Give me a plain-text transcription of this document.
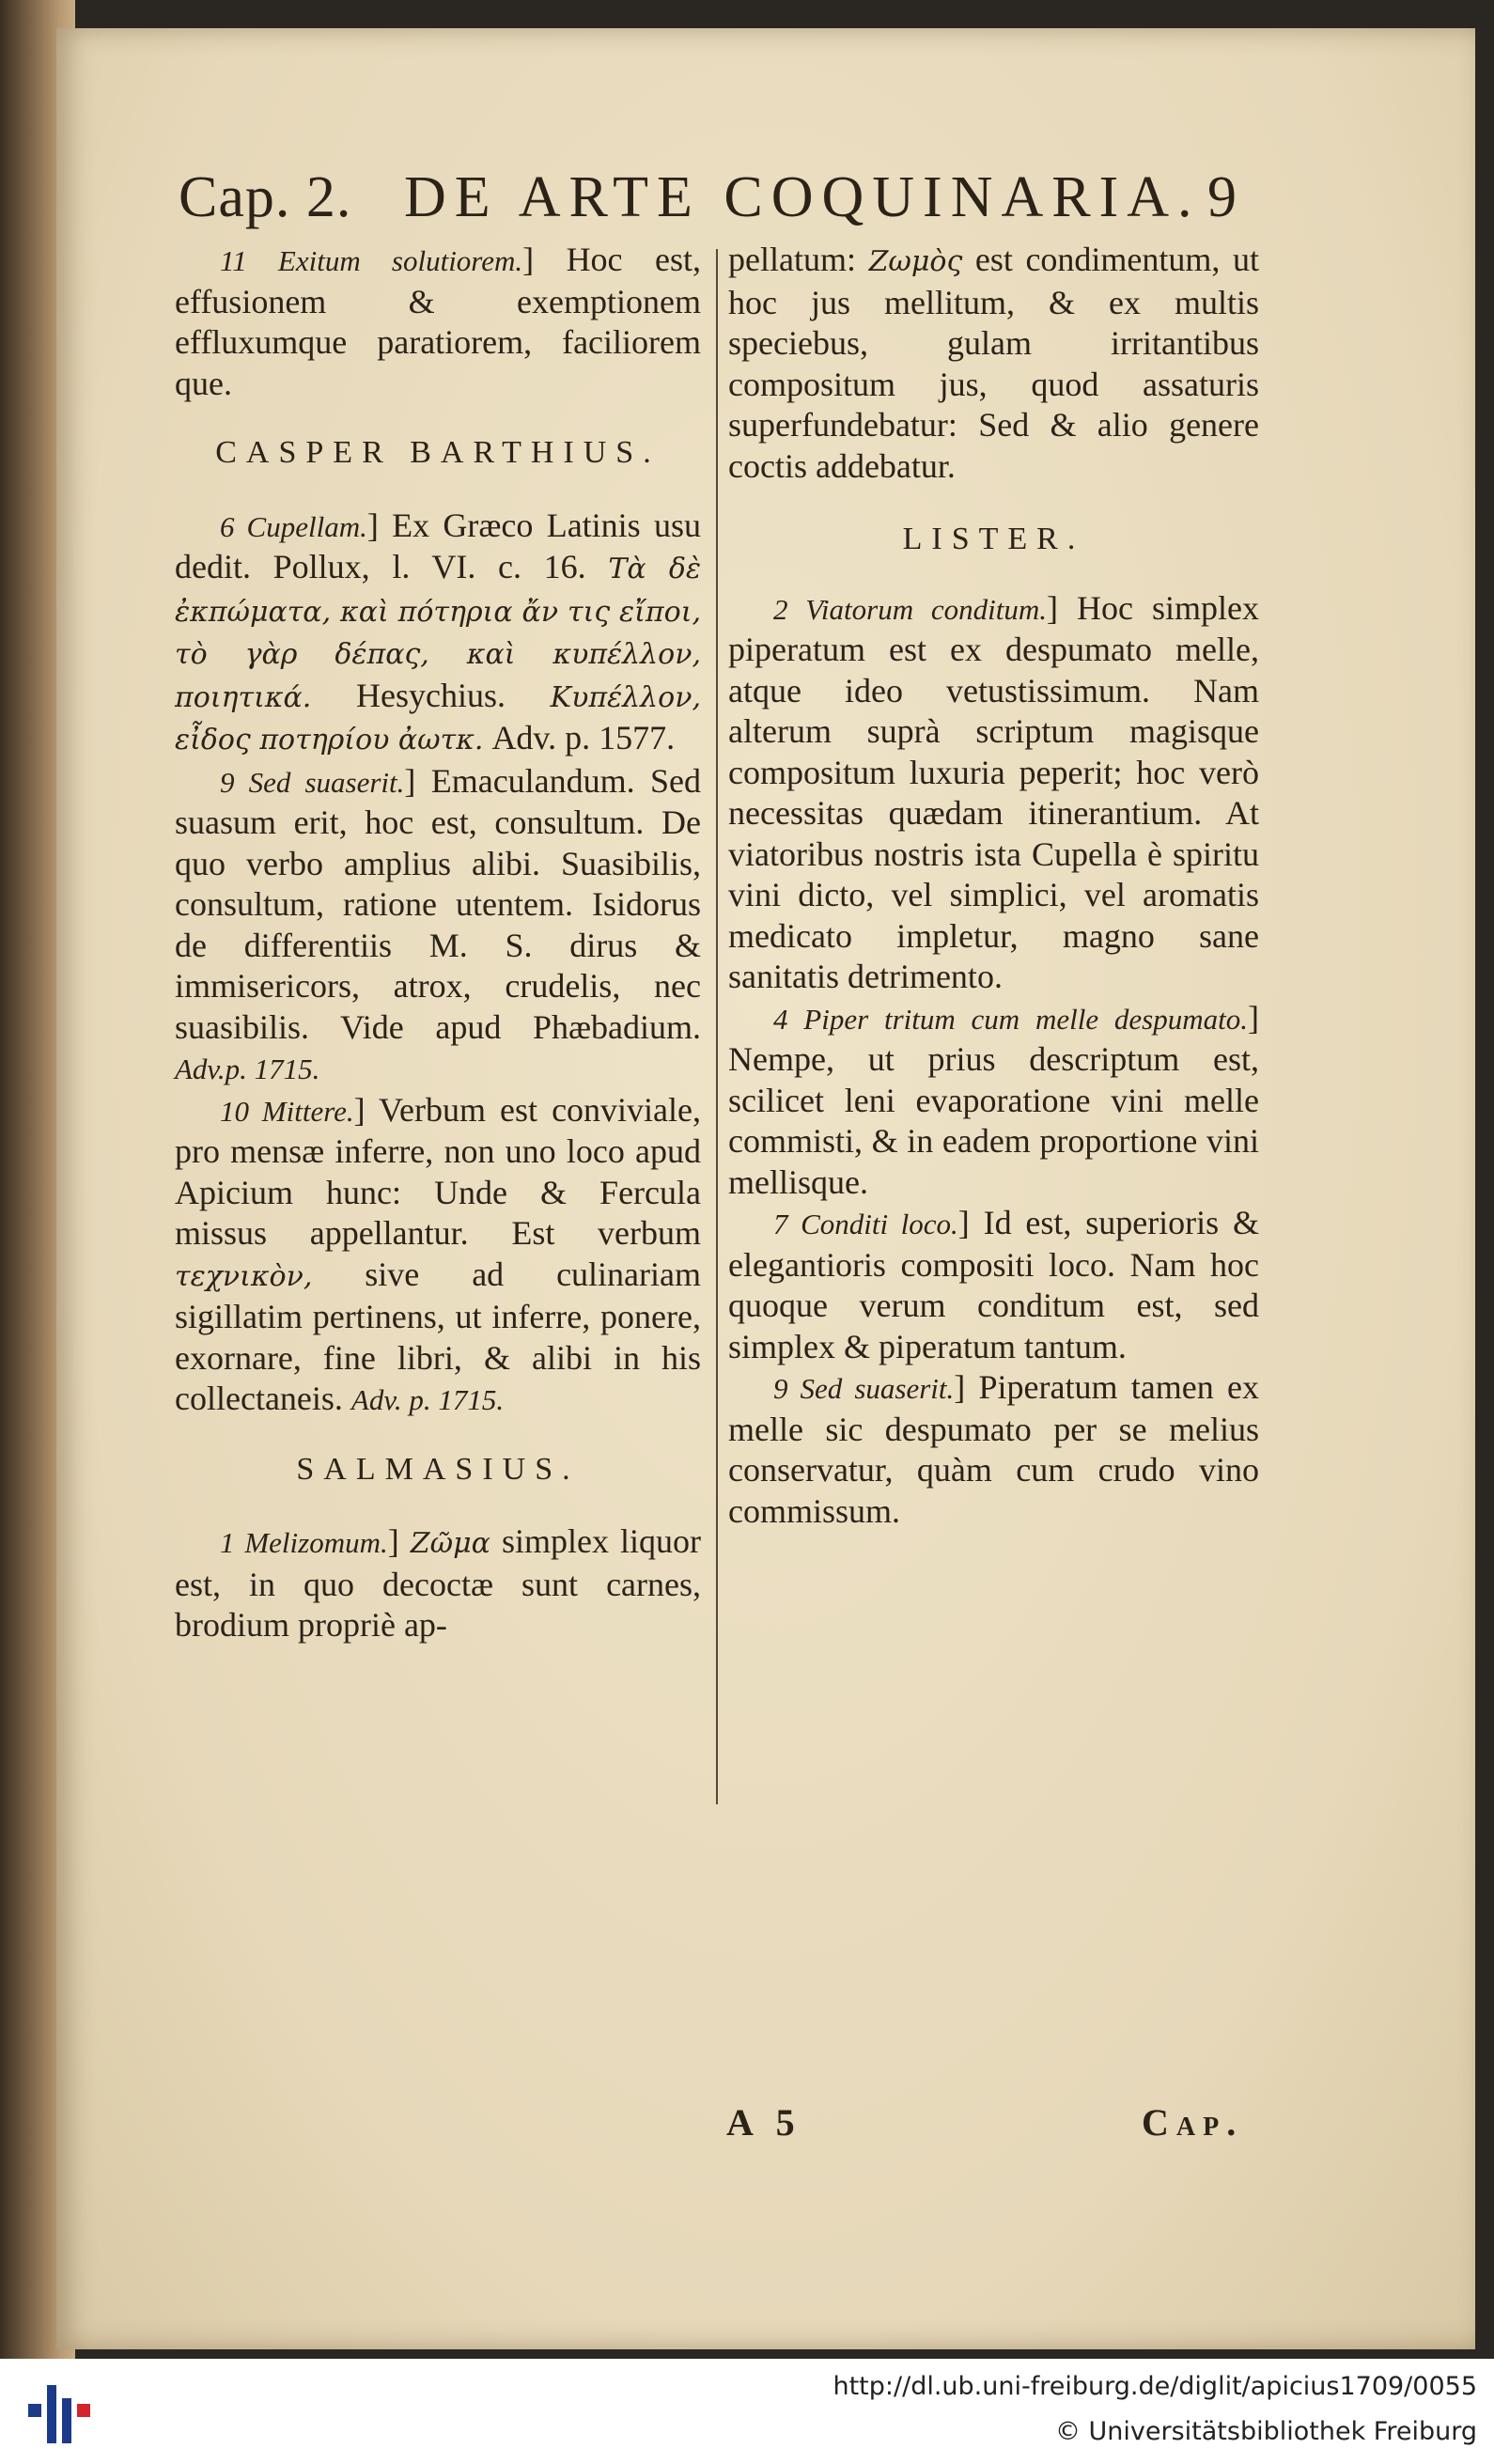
Cap. 2. DE ARTE COQUINARIA. 9

11 Exitum solutiorem.] Hoc est, effusionem & exemptionem effluxumque paratiorem, faciliorem que.

CASPER BARTHIUS.

6 Cupellam.] Ex Græco Latinis usu dedit. Pollux, l. VI. c. 16. Τὰ δὲ ἐκπώματα, καὶ πότηρια ἄν τις εἴποι, τὸ γὰρ δέπας, καὶ κυπέλλον, ποιητικά. Hesychius. Κυπέλλον, εἶδος ποτηρίου ἀωτκ. Adv. p. 1577.

9 Sed suaserit.] Emaculandum. Sed suasum erit, hoc est, consultum. De quo verbo amplius alibi. Suasibilis, consultum, ratione utentem. Isidorus de differentiis M. S. dirus & immisericors, atrox, crudelis, nec suasibilis. Vide apud Phæbadium. Adv.p. 1715.

10 Mittere.] Verbum est conviviale, pro mensæ inferre, non uno loco apud Apicium hunc: Unde & Fercula missus appellantur. Est verbum τεχνικὸν, sive ad culinariam sigillatim pertinens, ut inferre, ponere, exornare, fine libri, & alibi in his collectaneis. Adv. p. 1715.

SALMASIUS.

1 Melizomum.] Ζῶμα simplex liquor est, in quo decoctæ sunt carnes, brodium propriè ap-

pellatum: Ζωμὸς est condimentum, ut hoc jus mellitum, & ex multis speciebus, gulam irritantibus compositum jus, quod assaturis superfundebatur: Sed & alio genere coctis addebatur.

LISTER.

2 Viatorum conditum.] Hoc simplex piperatum est ex despumato melle, atque ideo vetustissimum. Nam alterum suprà scriptum magisque compositum luxuria peperit; hoc verò necessitas quædam itinerantium. At viatoribus nostris ista Cupella è spiritu vini dicto, vel simplici, vel aromatis medicato impletur, magno sane sanitatis detrimento.

4 Piper tritum cum melle despumato.] Nempe, ut prius descriptum est, scilicet leni evaporatione vini melle commisti, & in eadem proportione vini mellisque.

7 Conditi loco.] Id est, superioris & elegantioris compositi loco. Nam hoc quoque verum conditum est, sed simplex & piperatum tantum.

9 Sed suaserit.] Piperatum tamen ex melle sic despumato per se melius conservatur, quàm cum crudo vino commissum.

A 5	Cap.
http://dl.ub.uni-freiburg.de/diglit/apicius1709/0055
© Universitätsbibliothek Freiburg
